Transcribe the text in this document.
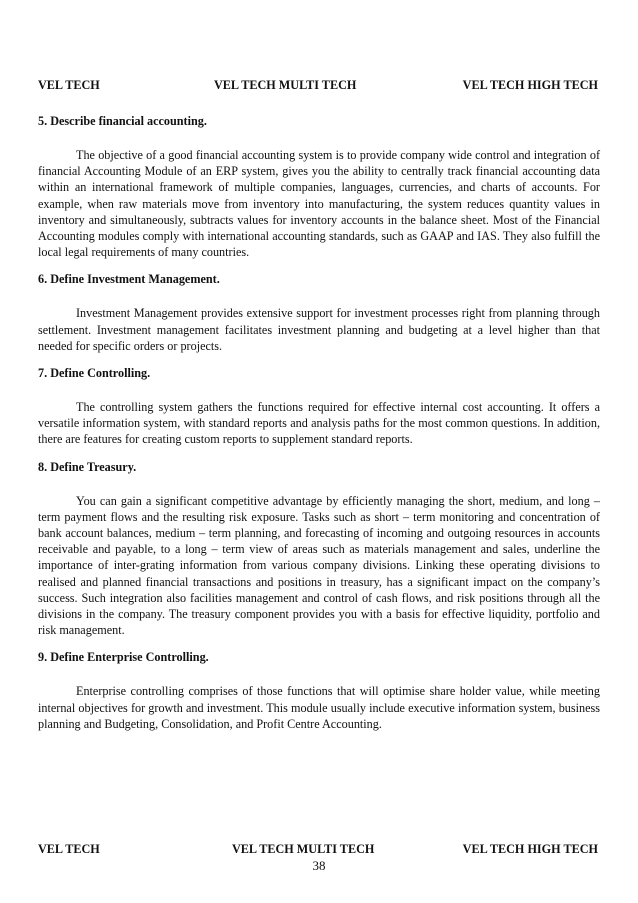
VEL TECH	VEL TECH MULTI TECH	VEL TECH HIGH TECH

5. Describe financial accounting.

The objective of a good financial accounting system is to provide company wide control and integration of financial Accounting Module of an ERP system, gives you the ability to centrally track financial accounting data within an international framework of multiple companies, languages, currencies, and charts of accounts. For example, when raw materials move from inventory into manufacturing, the system reduces quantity values in inventory and simultaneously, subtracts values for inventory accounts in the balance sheet. Most of the Financial Accounting modules comply with international accounting standards, such as GAAP and IAS. They also fulfill the local legal requirements of many countries.

6. Define Investment Management.

Investment Management provides extensive support for investment processes right from planning through settlement. Investment management facilitates investment planning and budgeting at a level higher than that needed for specific orders or projects.

7. Define Controlling.

The controlling system gathers the functions required for effective internal cost accounting. It offers a versatile information system, with standard reports and analysis paths for the most common questions. In addition, there are features for creating custom reports to supplement standard reports.

8. Define Treasury.

You can gain a significant competitive advantage by efficiently managing the short, medium, and long – term payment flows and the resulting risk exposure. Tasks such as short – term monitoring and concentration of bank account balances, medium – term planning, and forecasting of incoming and outgoing resources in accounts receivable and payable, to a long – term view of areas such as materials management and sales, underline the importance of inter-grating information from various company divisions. Linking these operating divisions to realised and planned financial transactions and positions in treasury, has a significant impact on the company’s success. Such integration also facilities management and control of cash flows, and risk positions through all the divisions in the company. The treasury component provides you with a basis for effective liquidity, portfolio and risk management.

9. Define Enterprise Controlling.

Enterprise controlling comprises of those functions that will optimise share holder value, while meeting internal objectives for growth and investment. This module usually include executive information system, business planning and Budgeting, Consolidation, and Profit Centre Accounting.

VEL TECH	VEL TECH MULTI TECH	VEL TECH HIGH TECH
38
